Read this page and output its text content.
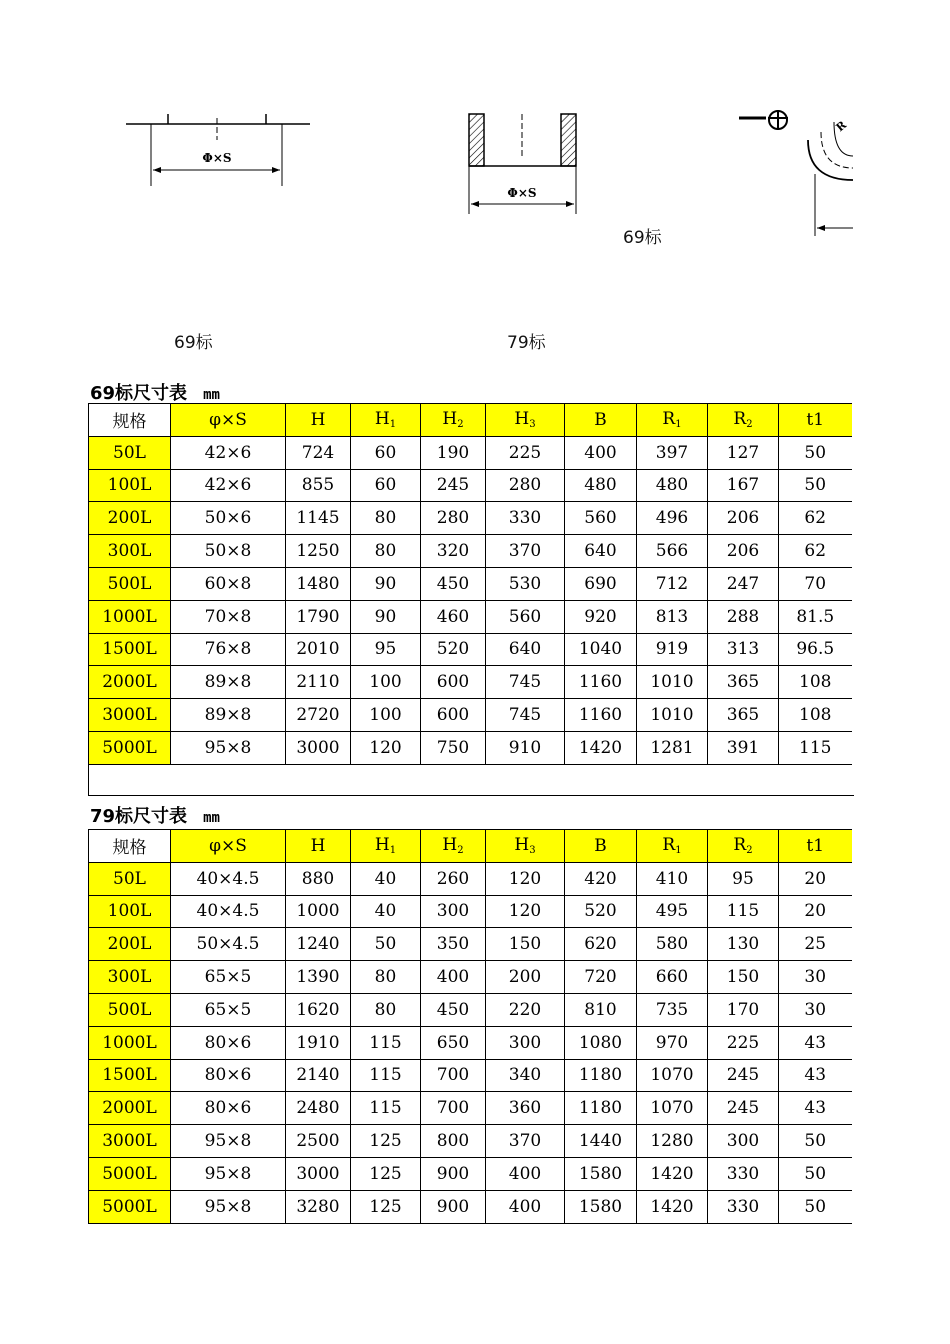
Φ×S
Φ×S
R
69标
69标	79标
69标尺寸表 mm
规格	φ×S	H	$H_1$	$H_2$	$H_3$	B	$R_1$	$R_2$	t1
50L	42×6	724	60	190	225	400	397	127	50
100L	42×6	855	60	245	280	480	480	167	50
200L	50×6	1145	80	280	330	560	496	206	62
300L	50×8	1250	80	320	370	640	566	206	62
500L	60×8	1480	90	450	530	690	712	247	70
1000L	70×8	1790	90	460	560	920	813	288	81.5
1500L	76×8	2010	95	520	640	1040	919	313	96.5
2000L	89×8	2110	100	600	745	1160	1010	365	108
3000L	89×8	2720	100	600	745	1160	1010	365	108
5000L	95×8	3000	120	750	910	1420	1281	391	115
79标尺寸表 mm
规格	φ×S	H	$H_1$	$H_2$	$H_3$	B	$R_1$	$R_2$	t1
50L	40×4.5	880	40	260	120	420	410	95	20
100L	40×4.5	1000	40	300	120	520	495	115	20
200L	50×4.5	1240	50	350	150	620	580	130	25
300L	65×5	1390	80	400	200	720	660	150	30
500L	65×5	1620	80	450	220	810	735	170	30
1000L	80×6	1910	115	650	300	1080	970	225	43
1500L	80×6	2140	115	700	340	1180	1070	245	43
2000L	80×6	2480	115	700	360	1180	1070	245	43
3000L	95×8	2500	125	800	370	1440	1280	300	50
5000L	95×8	3000	125	900	400	1580	1420	330	50
5000L	95×8	3280	125	900	400	1580	1420	330	50
